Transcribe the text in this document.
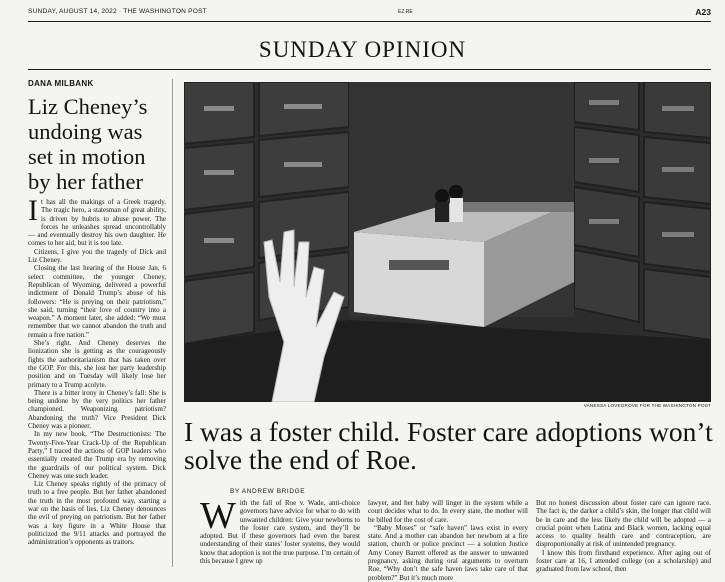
SUNDAY, AUGUST 14, 2022 · THE WASHINGTON POST	EZ RE	A23
SUNDAY OPINION
DANA MILBANK
Liz Cheney’s undoing was set in motion by her father

It has all the makings of a Greek tragedy. The tragic hero, a statesman of great ability, is driven by hubris to abuse power. The forces he unleashes spread uncontrollably — and eventually destroy his own daughter. He comes to her aid, but it is too late.

Citizens, I give you the tragedy of Dick and Liz Cheney.

Closing the last hearing of the House Jan. 6 select committee, the younger Cheney, Republican of Wyoming, delivered a powerful indictment of Donald Trump’s abuse of his followers: “He is preying on their patriotism,” she said, turning “their love of country into a weapon.” A moment later, she added: “We must remember that we cannot abandon the truth and remain a free nation.”

She’s right. And Cheney deserves the lionization she is getting as the courageously fights the authoritarianism that has taken over the GOP. For this, she lost her party leadership position and on Tuesday will likely lose her primary to a Trump acolyte.

There is a bitter irony in Cheney’s fall: She is being undone by the very politics her father championed. Weaponizing patriotism? Abandoning the truth? Vice President Dick Cheney was a pioneer.

In my new book, “The Destructionists: The Twenty-Five-Year Crack-Up of the Republican Party,” I traced the actions of GOP leaders who essentially created the Trump era by removing the guardrails of our political system. Dick Cheney was one such leader.

Liz Cheney speaks rightly of the primacy of truth to a free people. But her father abandoned the truth in the most profound way, starting a war on the basis of lies. Liz Cheney denounces the evil of preying on patriotism. But her father was a key figure in a White House that politicized the 9/11 attacks and portrayed the administration’s opponents as traitors.

VANESSA LOVEGROVE FOR THE WASHINGTON POST
I was a foster child. Foster care adoptions won’t solve the end of Roe.
BY ANDREW BRIDGE

With the fall of Roe v. Wade, anti-choice governors have advice for what to do with unwanted children: Give your newborns to the foster care system, and they’ll be adopted. But if these governors had even the barest understanding of their states’ foster systems, they would know that adoption is not the true purpose. I’m certain of this because I grew up

lawyer, and her baby will linger in the system while a court decides what to do. In every state, the mother will be billed for the cost of care.

“Baby Moses” or “safe haven” laws exist in every state. And a mother can abandon her newborn at a fire station, church or police precinct — a solution Justice Amy Coney Barrett offered as the answer to unwanted pregnancy, asking during oral arguments to overturn Roe, “Why don’t the safe haven laws take care of that problem?” But it’s much more

But no honest discussion about foster care can ignore race. The fact is, the darker a child’s skin, the longer that child will be in care and the less likely the child will be adopted — a crucial point when Latina and Black women, lacking equal access to quality health care and contraception, are disproportionally at risk of unintended pregnancy.

I know this from firsthand experience. After aging out of foster care at 16, I attended college (on a scholarship) and graduated from law school, then
